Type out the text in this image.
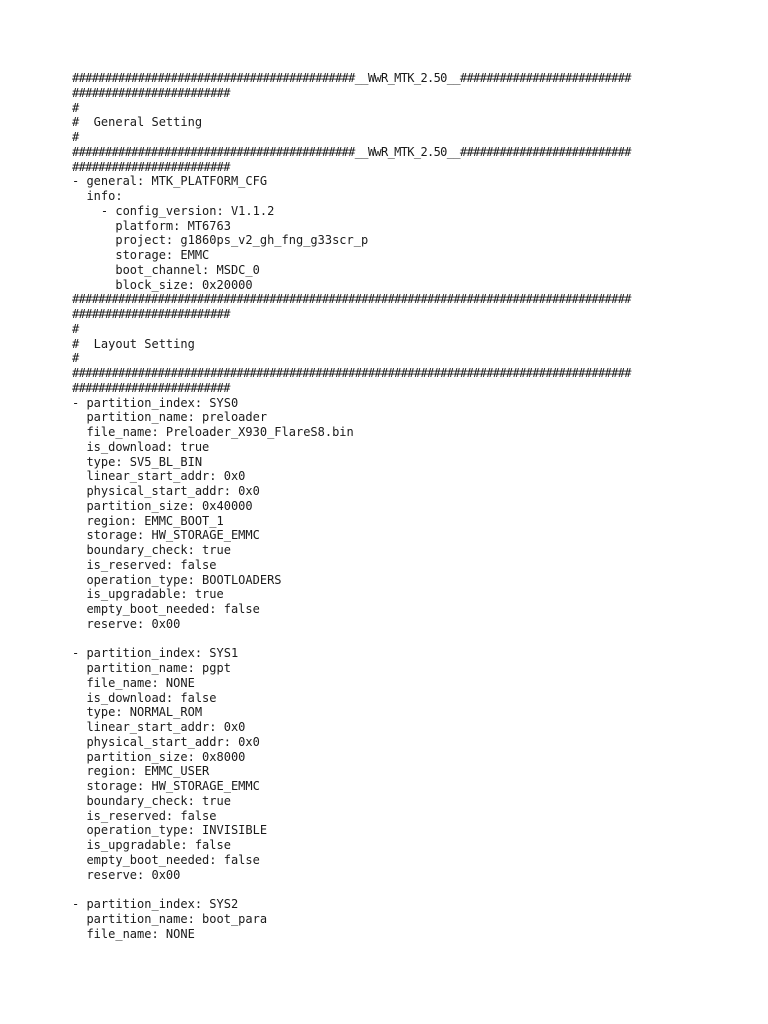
###########################################__WwR_MTK_2.50__##########################
########################
#
#  General Setting
#
###########################################__WwR_MTK_2.50__##########################
########################
- general: MTK_PLATFORM_CFG
info:
- config_version: V1.1.2
platform: MT6763
project: g1860ps_v2_gh_fng_g33scr_p
storage: EMMC
boot_channel: MSDC_0
block_size: 0x20000
#####################################################################################
########################
#
#  Layout Setting
#
#####################################################################################
########################
- partition_index: SYS0
partition_name: preloader
file_name: Preloader_X930_FlareS8.bin
is_download: true
type: SV5_BL_BIN
linear_start_addr: 0x0
physical_start_addr: 0x0
partition_size: 0x40000
region: EMMC_BOOT_1
storage: HW_STORAGE_EMMC
boundary_check: true
is_reserved: false
operation_type: BOOTLOADERS
is_upgradable: true
empty_boot_needed: false
reserve: 0x00
- partition_index: SYS1
partition_name: pgpt
file_name: NONE
is_download: false
type: NORMAL_ROM
linear_start_addr: 0x0
physical_start_addr: 0x0
partition_size: 0x8000
region: EMMC_USER
storage: HW_STORAGE_EMMC
boundary_check: true
is_reserved: false
operation_type: INVISIBLE
is_upgradable: false
empty_boot_needed: false
reserve: 0x00
- partition_index: SYS2
partition_name: boot_para
file_name: NONE
